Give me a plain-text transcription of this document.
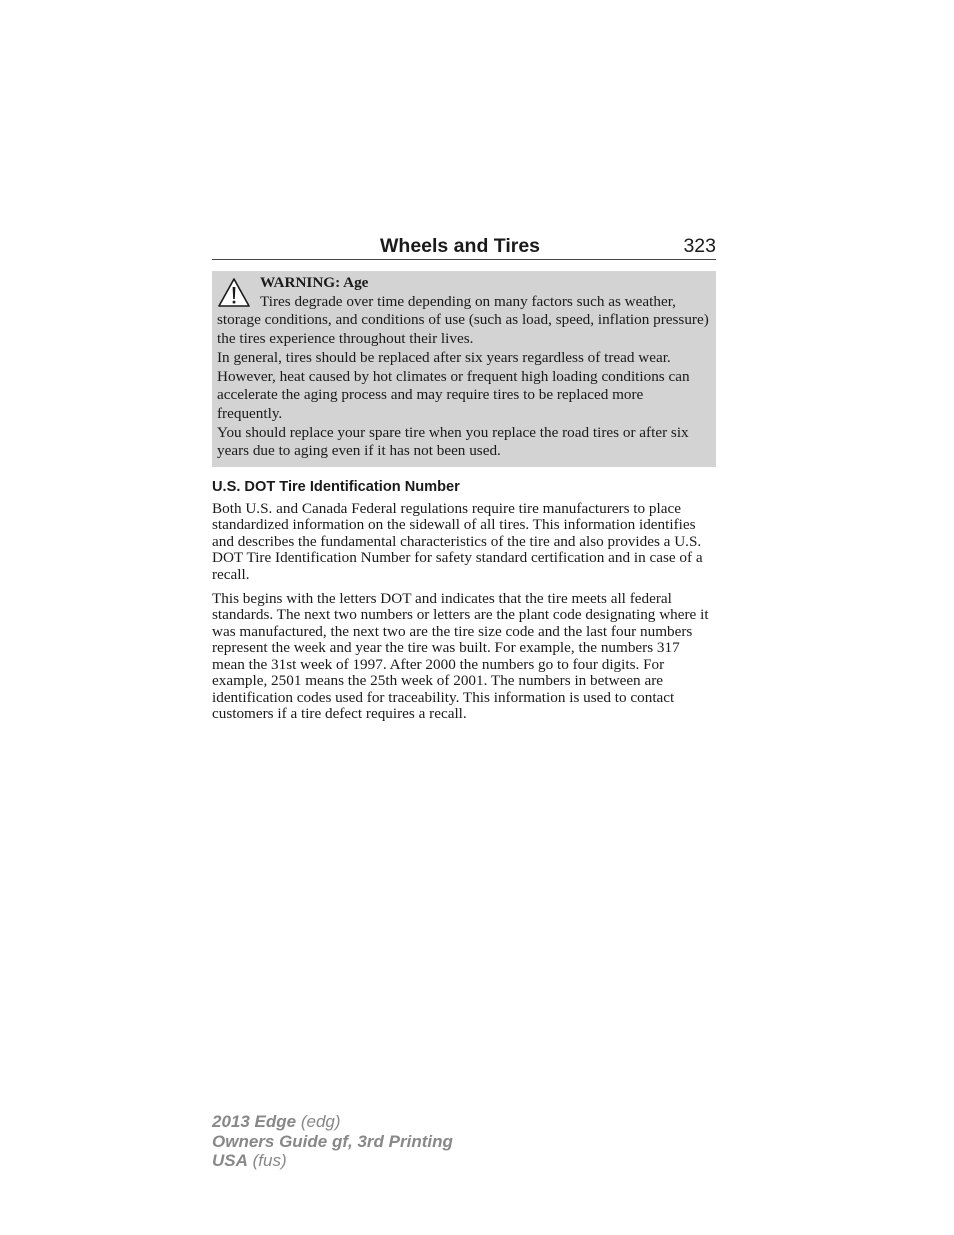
Wheels and Tires	323
WARNING: Age

Tires degrade over time depending on many factors such as weather, storage conditions, and conditions of use (such as load, speed, inflation pressure) the tires experience throughout their lives.

In general, tires should be replaced after six years regardless of tread wear. However, heat caused by hot climates or frequent high loading conditions can accelerate the aging process and may require tires to be replaced more frequently.

You should replace your spare tire when you replace the road tires or after six years due to aging even if it has not been used.

U.S. DOT Tire Identification Number

Both U.S. and Canada Federal regulations require tire manufacturers to place standardized information on the sidewall of all tires. This information identifies and describes the fundamental characteristics of the tire and also provides a U.S. DOT Tire Identification Number for safety standard certification and in case of a recall.

This begins with the letters DOT and indicates that the tire meets all federal standards. The next two numbers or letters are the plant code designating where it was manufactured, the next two are the tire size code and the last four numbers represent the week and year the tire was built. For example, the numbers 317 mean the 31st week of 1997. After 2000 the numbers go to four digits. For example, 2501 means the 25th week of 2001. The numbers in between are identification codes used for traceability. This information is used to contact customers if a tire defect requires a recall.

2013 Edge (edg)
Owners Guide gf, 3rd Printing
USA (fus)
